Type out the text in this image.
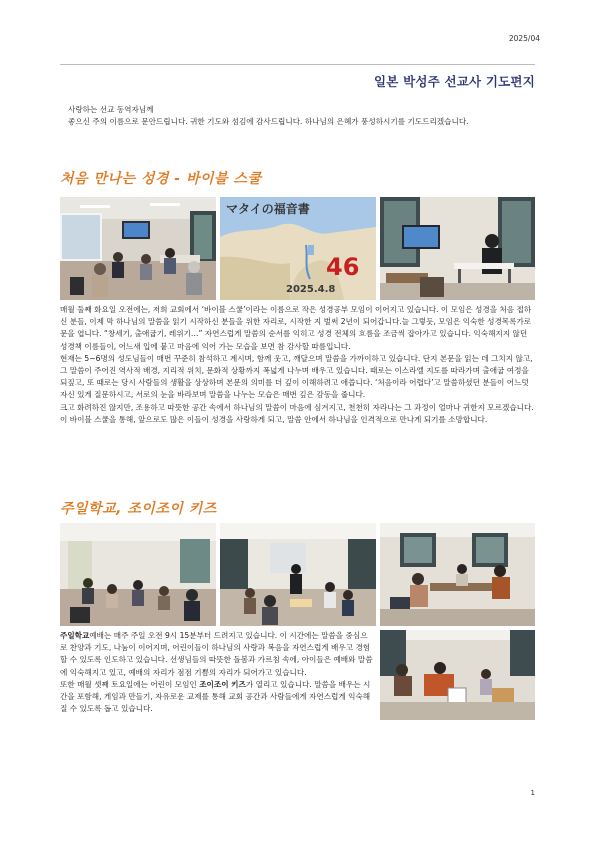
2025/04
일본 박성주 선교사 기도편지
사랑하는 선교 동역자님께
좋으신 주의 이름으로 문안드립니다. 귀한 기도와 섬김에 감사드립니다. 하나님의 은혜가 풍성하시기를 기도드리겠습니다.
처음 만나는 성경 - 바이블 스쿨
マタイの福音書
46
2025.4.8

매월 둘째 화요일 오전에는, 저희 교회에서 ‘바이블 스쿨’이라는 이름으로 작은 성경공부 모임이 이어지고 있습니다. 이 모임은 성경을 처음 접하신 분들, 이제 막 하나님의 말씀을 읽기 시작하신 분들을 위한 자리로, 시작한 지 벌써 2년이 되어갑니다.늘 그렇듯, 모임은 익숙한 성경목록가로 문을 엽니다. “창세기, 출애굽기, 레위기…” 자연스럽게 말씀의 순서를 익히고 성경 전체의 흐름을 조금씩 잡아가고 있습니다. 익숙해지지 않던 성경책 이름들이, 어느새 입에 붙고 마음에 익어 가는 모습을 보면 참 감사할 따름입니다.

현재는 5~6명의 성도님들이 매번 꾸준히 참석하고 계시며, 함께 웃고, 깨달으며 말씀을 가까이하고 있습니다. 단지 본문을 읽는 데 그치지 않고, 그 말씀이 주어진 역사적 배경, 지리적 위치, 문화적 상황까지 폭넓게 나누며 배우고 있습니다. 때로는 이스라엘 지도를 따라가며 출애굽 여정을 되짚고, 또 때로는 당시 사람들의 생활을 상상하며 본문의 의미를 더 깊이 이해하려고 애씁니다. ‘처음이라 어렵다’고 말씀하셨던 분들이 어느덧 자신 있게 질문하시고, 서로의 눈을 바라보며 말씀을 나누는 모습은 매번 깊은 감동을 줍니다.

크고 화려하진 않지만, 조용하고 따뜻한 공간 속에서 하나님의 말씀이 마음에 심겨지고, 천천히 자라나는 그 과정이 얼마나 귀한지 모르겠습니다. 이 바이블 스쿨을 통해, 앞으로도 많은 이들이 성경을 사랑하게 되고, 말씀 안에서 하나님을 인격적으로 만나게 되기를 소망합니다.

주일학교, 조이조이 키즈

주일학교예배는 매주 주일 오전 9시 15분부터 드려지고 있습니다. 이 시간에는 말씀을 중심으로 찬양과 기도, 나눔이 이어지며, 어린이들이 하나님의 사랑과 복음을 자연스럽게 배우고 경험할 수 있도록 인도하고 있습니다. 선생님들의 따뜻한 돌봄과 가르침 속에, 아이들은 예배와 말씀에 익숙해지고 있고, 예배의 자리가 점점 기쁨의 자리가 되어가고 있습니다.

또한 매월 셋째 토요일에는 어린이 모임인 조이조이 키즈가 열리고 있습니다. 말씀을 배우는 시간을 포함해, 게임과 만들기, 자유로운 교제를 통해 교회 공간과 사람들에게 자연스럽게 익숙해질 수 있도록 돕고 있습니다.

1
